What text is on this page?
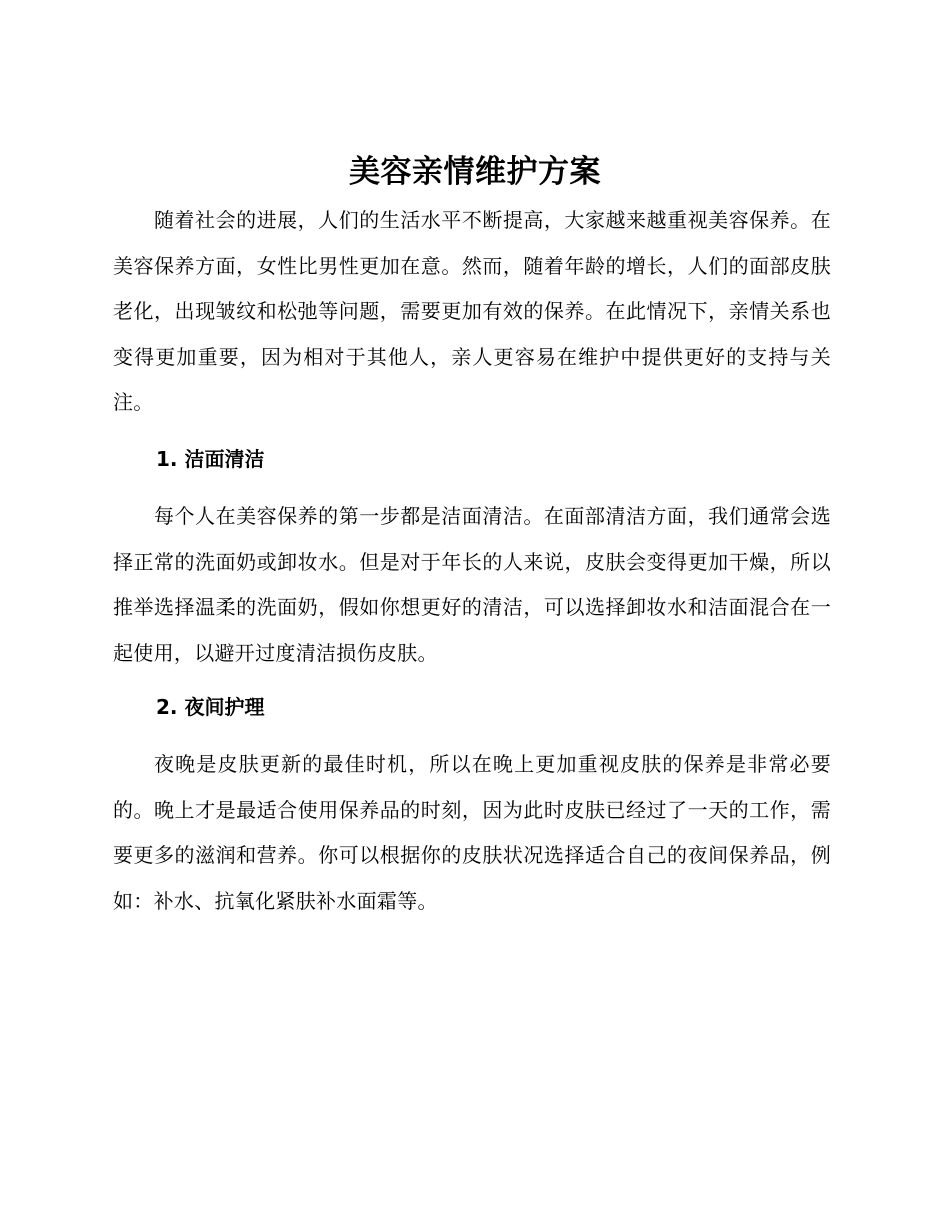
美容亲情维护方案

随着社会的进展，人们的生活水平不断提高，大家越来越重视美容保养。在美容保养方面，女性比男性更加在意。然而，随着年龄的增长，人们的面部皮肤老化，出现皱纹和松弛等问题，需要更加有效的保养。在此情况下，亲情关系也变得更加重要，因为相对于其他人，亲人更容易在维护中提供更好的支持与关注。

1. 洁面清洁

每个人在美容保养的第一步都是洁面清洁。在面部清洁方面，我们通常会选择正常的洗面奶或卸妆水。但是对于年长的人来说，皮肤会变得更加干燥，所以推举选择温柔的洗面奶，假如你想更好的清洁，可以选择卸妆水和洁面混合在一起使用，以避开过度清洁损伤皮肤。

2. 夜间护理

夜晚是皮肤更新的最佳时机，所以在晚上更加重视皮肤的保养是非常必要的。晚上才是最适合使用保养品的时刻，因为此时皮肤已经过了一天的工作，需要更多的滋润和营养。你可以根据你的皮肤状况选择适合自己的夜间保养品，例如：补水、抗氧化紧肤补水面霜等。
